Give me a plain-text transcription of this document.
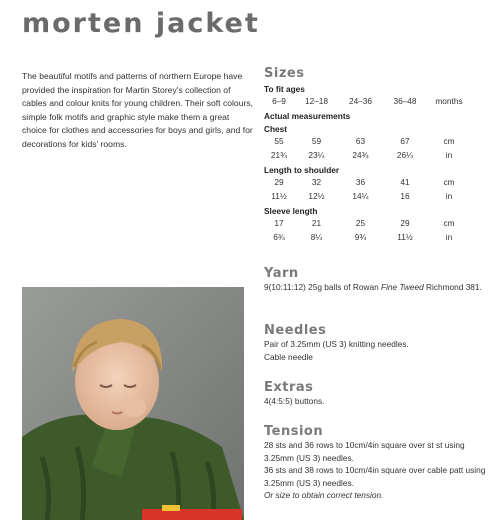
morten jacket
The beautiful motifs and patterns of northern Europe have provided the inspiration for Martin Storey's collection of cables and colour knits for young children. Their soft colours, simple folk motifs and graphic style make them a great choice for clothes and accessories for boys and girls, and for decorations for kids' rooms.
Sizes
To fit ages
6–9	12–18	24–36	36–48	months
Actual measurements
Chest
55	59	63	67	cm
21¾	23¼	24¾	26¼	in
Length to shoulder
29	32	36	41	cm
11½	12½	14¼	16	in
Sleeve length
17	21	25	29	cm
6¾	8¼	9¾	11½	in
Yarn
9(10:11:12) 25g balls of Rowan Fine Tweed Richmond 381.
Needles
Pair of 3.25mm (US 3) knitting needles.
Cable needle
Extras
4(4:5:5) buttons.
Tension
28 sts and 36 rows to 10cm/4in square over st st using 3.25mm (US 3) needles.
36 sts and 38 rows to 10cm/4in square over cable patt using 3.25mm (US 3) needles.
Or size to obtain correct tension.
